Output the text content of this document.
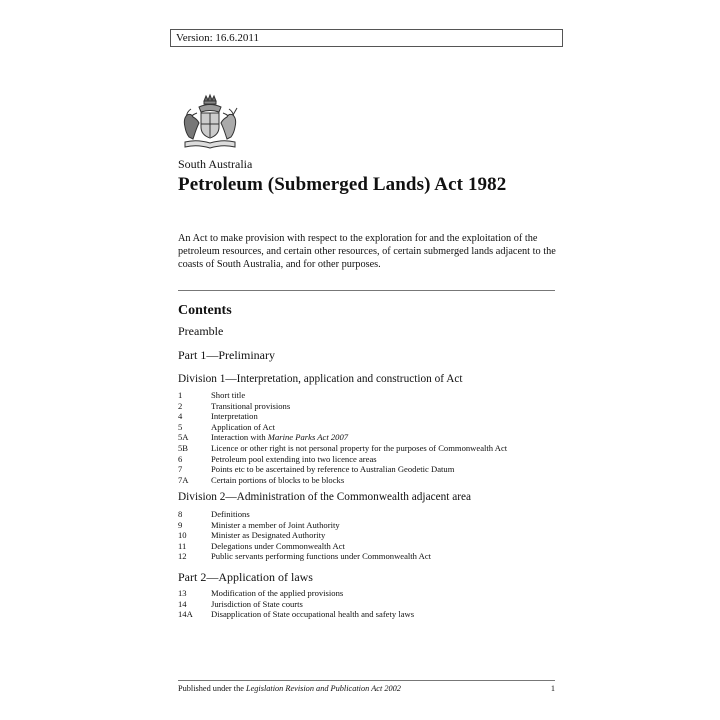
Version: 16.6.2011
South Australia
Petroleum (Submerged Lands) Act 1982
An Act to make provision with respect to the exploration for and the exploitation of the petroleum resources, and certain other resources, of certain submerged lands adjacent to the coasts of South Australia, and for other purposes.
Contents
Preamble
Part 1—Preliminary
Division 1—Interpretation, application and construction of Act
1	Short title
2	Transitional provisions
4	Interpretation
5	Application of Act
5A	Interaction with Marine Parks Act 2007
5B	Licence or other right is not personal property for the purposes of Commonwealth Act
6	Petroleum pool extending into two licence areas
7	Points etc to be ascertained by reference to Australian Geodetic Datum
7A	Certain portions of blocks to be blocks
Division 2—Administration of the Commonwealth adjacent area
8	Definitions
9	Minister a member of Joint Authority
10	Minister as Designated Authority
11	Delegations under Commonwealth Act
12	Public servants performing functions under Commonwealth Act
Part 2—Application of laws
13	Modification of the applied provisions
14	Jurisdiction of State courts
14A	Disapplication of State occupational health and safety laws
Published under the Legislation Revision and Publication Act 2002	1
